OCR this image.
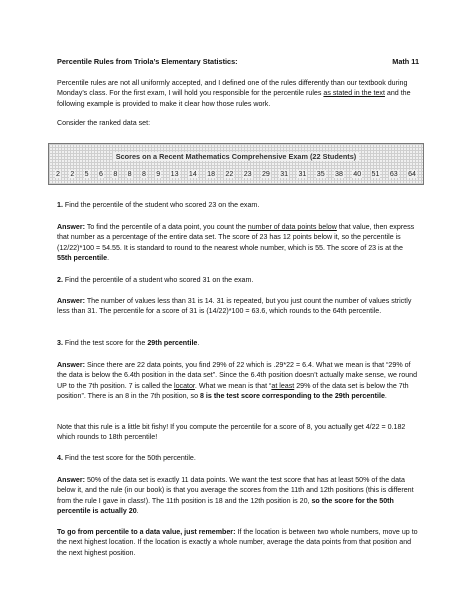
Percentile Rules from Triola’s Elementary Statistics:	Math 11

Percentile rules are not all uniformly accepted, and I defined one of the rules differently than our textbook during Monday’s class. For the first exam, I will hold you responsible for the percentile rules as stated in the text and the following example is provided to make it clear how those rules work.

Consider the ranked data set:

Scores on a Recent Mathematics Comprehensive Exam (22 Students)
2 2 5 6 8 8 8 9 13 14 18 22 23 29 31 31 35 38 40 51 63 64

1. Find the percentile of the student who scored 23 on the exam.

Answer: To find the percentile of a data point, you count the number of data points below that value, then express that number as a percentage of the entire data set. The score of 23 has 12 points below it, so the percentile is (12/22)*100 = 54.55. It is standard to round to the nearest whole number, which is 55. The score of 23 is at the 55th percentile.

2. Find the percentile of a student who scored 31 on the exam.

Answer: The number of values less than 31 is 14. 31 is repeated, but you just count the number of values strictly less than 31. The percentile for a score of 31 is (14/22)*100 = 63.6, which rounds to the 64th percentile.

3. Find the test score for the 29th percentile.

Answer: Since there are 22 data points, you find 29% of 22 which is .29*22 = 6.4. What we mean is that “29% of the data is below the 6.4th position in the data set”. Since the 6.4th position doesn’t actually make sense, we round UP to the 7th position. 7 is called the locator. What we mean is that “at least 29% of the data set is below the 7th position”. There is an 8 in the 7th position, so 8 is the test score corresponding to the 29th percentile.

Note that this rule is a little bit fishy! If you compute the percentile for a score of 8, you actually get 4/22 = 0.182 which rounds to 18th percentile!

4. Find the test score for the 50th percentile.

Answer: 50% of the data set is exactly 11 data points. We want the test score that has at least 50% of the data below it, and the rule (in our book) is that you average the scores from the 11th and 12th positions (this is different from the rule I gave in class!). The 11th position is 18 and the 12th position is 20, so the score for the 50th percentile is actually 20.

To go from percentile to a data value, just remember: If the location is between two whole numbers, move up to the next highest location. If the location is exactly a whole number, average the data points from that position and the next highest position.
